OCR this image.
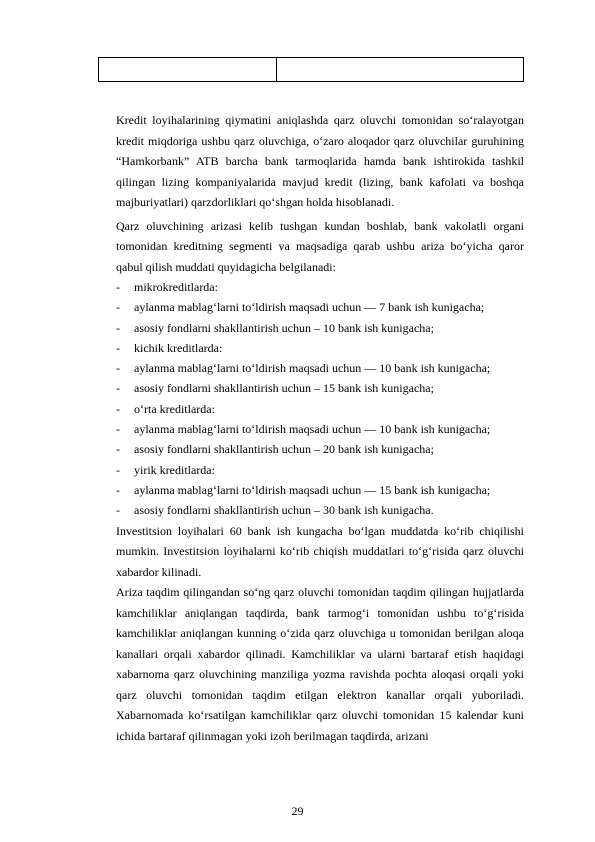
Kredit loyihalarining qiymatini aniqlashda qarz oluvchi tomonidan so‘ralayotgan kredit miqdoriga ushbu qarz oluvchiga, o‘zaro aloqador qarz oluvchilar guruhining “Hamkorbank” ATB barcha bank tarmoqlarida hamda bank ishtirokida tashkil qilingan lizing kompaniyalarida mavjud kredit (lizing, bank kafolati va boshqa majburiyatlari) qarzdorliklari qo‘shgan holda hisoblanadi.

Qarz oluvchining arizasi kelib tushgan kundan boshlab, bank vakolatli organi tomonidan kreditning segmenti va maqsadiga qarab ushbu ariza bo‘yicha qaror qabul qilish muddati quyidagicha belgilanadi:

- mikrokreditlarda:
- aylanma mablag‘larni to‘ldirish maqsadi uchun — 7 bank ish kunigacha;
- asosiy fondlarni shakllantirish uchun – 10 bank ish kunigacha;
- kichik kreditlarda:
- aylanma mablag‘larni to‘ldirish maqsadi uchun — 10 bank ish kunigacha;
- asosiy fondlarni shakllantirish uchun – 15 bank ish kunigacha;
- o‘rta kreditlarda:
- aylanma mablag‘larni to‘ldirish maqsadi uchun — 10 bank ish kunigacha;
- asosiy fondlarni shakllantirish uchun – 20 bank ish kunigacha;
- yirik kreditlarda:
- aylanma mablag‘larni to‘ldirish maqsadi uchun — 15 bank ish kunigacha;
- asosiy fondlarni shakllantirish uchun – 30 bank ish kunigacha.

Investitsion loyihalari 60 bank ish kungacha bo‘lgan muddatda ko‘rib chiqilishi mumkin. Investitsion loyihalarni ko‘rib chiqish muddatlari to‘g‘risida qarz oluvchi xabardor kilinadi.

Ariza taqdim qilingandan so‘ng qarz oluvchi tomonidan taqdim qilingan hujjatlarda kamchiliklar aniqlangan taqdirda, bank tarmog‘i tomonidan ushbu to‘g‘risida kamchiliklar aniqlangan kunning o‘zida qarz oluvchiga u tomonidan berilgan aloqa kanallari orqali xabardor qilinadi. Kamchiliklar va ularni bartaraf etish haqidagi xabarnoma qarz oluvchining manziliga yozma ravishda pochta aloqasi orqali yoki qarz oluvchi tomonidan taqdim etilgan elektron kanallar orqali yuboriladi. Xabarnomada ko‘rsatilgan kamchiliklar qarz oluvchi tomonidan 15 kalendar kuni ichida bartaraf qilinmagan yoki izoh berilmagan taqdirda, arizani

29
